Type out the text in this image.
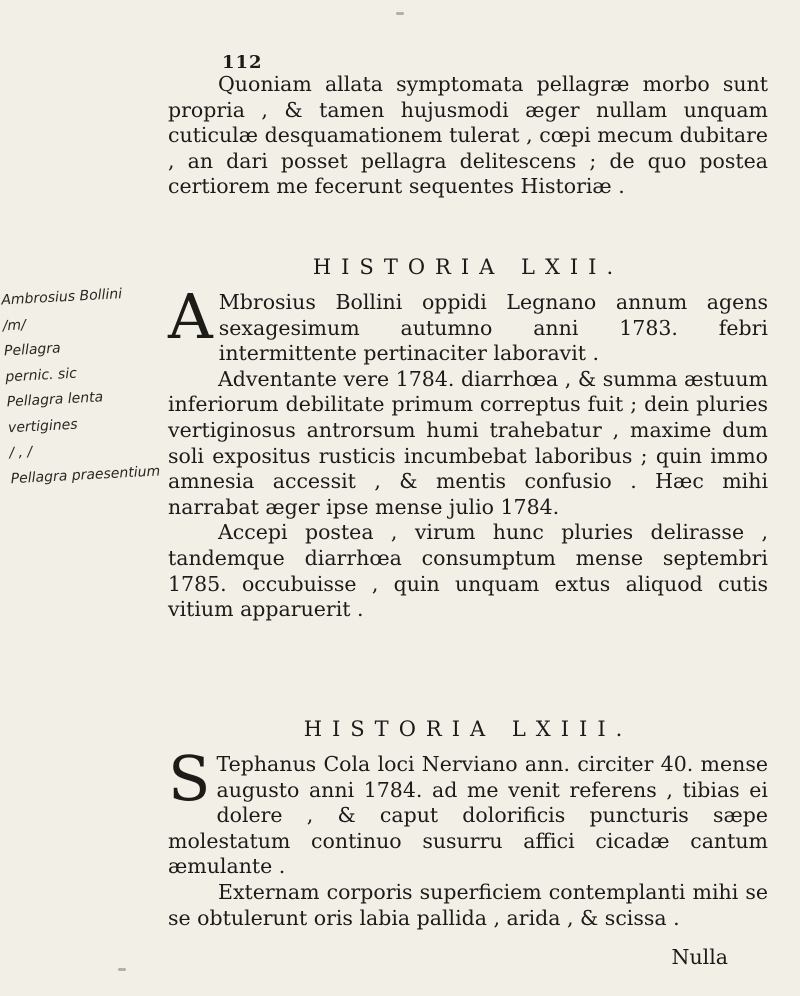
112

Quoniam allata symptomata pellagræ morbo sunt propria , & tamen hujusmodi æger nullam unquam cuticulæ desquamationem tulerat , cœpi mecum dubitare , an dari posset pellagra delitescens ; de quo postea certiorem me fecerunt sequentes Historiæ .

HISTORIA LXII.

A Mbrosius Bollini oppidi Legnano annum agens sexagesimum autumno anni 1783. febri intermittente pertinaciter laboravit .

Adventante vere 1784. diarrhœa , & summa æstuum inferiorum debilitate primum correptus fuit ; dein pluries vertiginosus antrorsum humi trahebatur , maxime dum soli expositus rusticis incumbebat laboribus ; quin immo amnesia accessit , & mentis confusio . Hæc mihi narrabat æger ipse mense julio 1784.

Accepi postea , virum hunc pluries delirasse , tandemque diarrhœa consumptum mense septembri 1785. occubuisse , quin unquam extus aliquod cutis vitium apparuerit .

HISTORIA LXIII.

S Tephanus Cola loci Nerviano ann. circiter 40. mense augusto anni 1784. ad me venit referens , tibias ei dolere , & caput dolorificis puncturis sæpe molestatum continuo susurru affici cicadæ cantum æmulante .

Externam corporis superficiem contemplanti mihi se se obtulerunt oris labia pallida , arida , & scissa .

Nulla
Ambrosius Bollini
/m/
Pellagra
pernic. sic
Pellagra lenta
vertigines
/ , /
Pellagra praesentium
